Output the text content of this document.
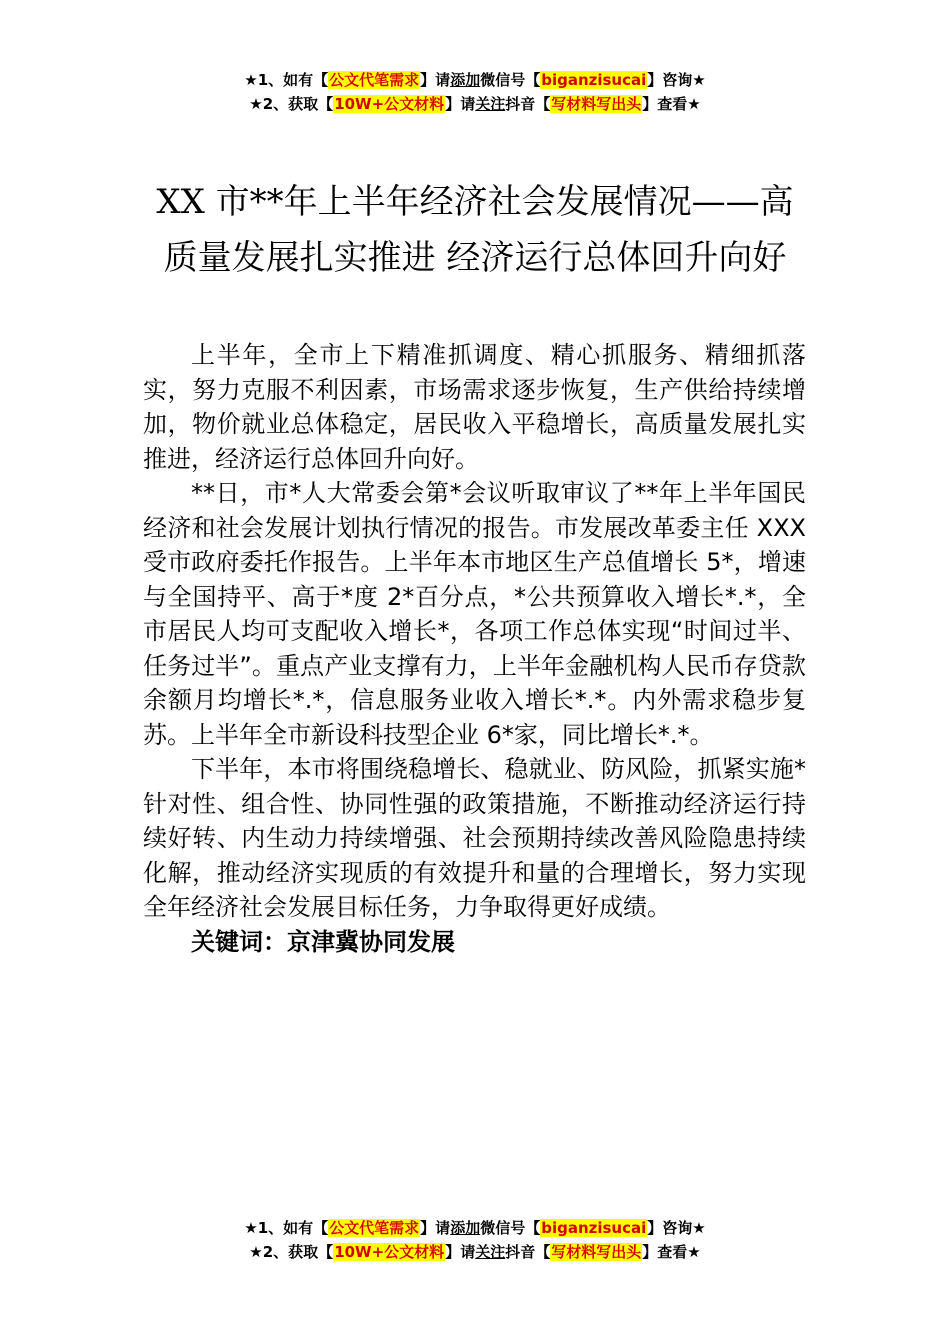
★1、如有【公文代笔需求】请添加微信号【biganzisucai】咨询★
★2、获取【10W+公文材料】请关注抖音【写材料写出头】查看★
XX 市**年上半年经济社会发展情况——高
质量发展扎实推进 经济运行总体回升向好

上半年，全市上下精准抓调度、精心抓服务、精细抓落实，努力克服不利因素，市场需求逐步恢复，生产供给持续增加，物价就业总体稳定，居民收入平稳增长，高质量发展扎实推进，经济运行总体回升向好。

**日，市*人大常委会第*会议听取审议了**年上半年国民经济和社会发展计划执行情况的报告。市发展改革委主任 XXX 受市政府委托作报告。上半年本市地区生产总值增长 5*，增速与全国持平、高于*度 2*百分点，*公共预算收入增长*.*，全市居民人均可支配收入增长*，各项工作总体实现“时间过半、任务过半”。重点产业支撑有力，上半年金融机构人民币存贷款余额月均增长*.*，信息服务业收入增长*.*。内外需求稳步复苏。上半年全市新设科技型企业 6*家，同比增长*.*。

下半年，本市将围绕稳增长、稳就业、防风险，抓紧实施*针对性、组合性、协同性强的政策措施，不断推动经济运行持续好转、内生动力持续增强、社会预期持续改善风险隐患持续化解，推动经济实现质的有效提升和量的合理增长，努力实现全年经济社会发展目标任务，力争取得更好成绩。

关键词：京津冀协同发展

★1、如有【公文代笔需求】请添加微信号【biganzisucai】咨询★
★2、获取【10W+公文材料】请关注抖音【写材料写出头】查看★
